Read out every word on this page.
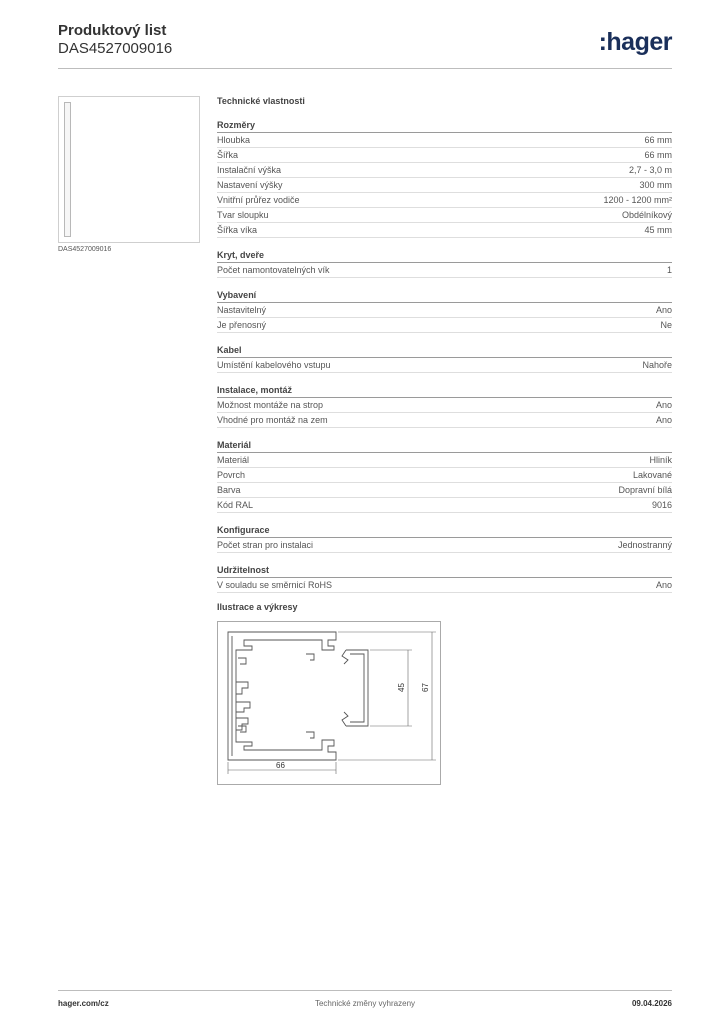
Produktový list
DAS4527009016	:hager
DAS4527009016
Technické vlastnosti
Rozměry
Hloubka	66 mm
Šířka	66 mm
Instalační výška	2,7 - 3,0 m
Nastavení výšky	300 mm
Vnitřní průřez vodiče	1200 - 1200 mm²
Tvar sloupku	Obdélníkový
Šířka víka	45 mm
Kryt, dveře
Počet namontovatelných vík	1
Vybavení
Nastavitelný	Ano
Je přenosný	Ne
Kabel
Umístění kabelového vstupu	Nahoře
Instalace, montáž
Možnost montáže na strop	Ano
Vhodné pro montáž na zem	Ano
Materiál
Materiál	Hliník
Povrch	Lakované
Barva	Dopravní bílá
Kód RAL	9016
Konfigurace
Počet stran pro instalaci	Jednostranný
Udržitelnost
V souladu se směrnicí RoHS	Ano
Ilustrace a výkresy
66
45 67
hager.com/cz	Technické změny vyhrazeny	09.04.2026
